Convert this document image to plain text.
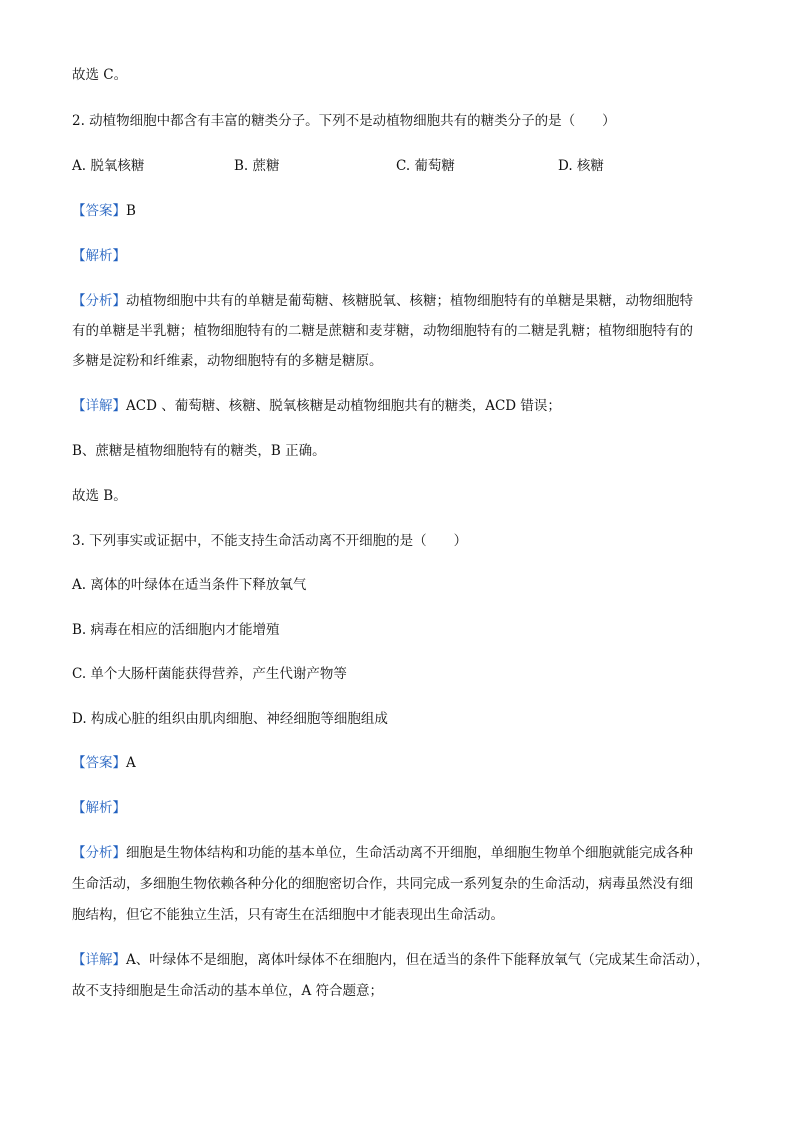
故选 C。
2. 动植物细胞中都含有丰富的糖类分子。下列不是动植物细胞共有的糖类分子的是（　　）
A. 脱氧核糖	B. 蔗糖	C. 葡萄糖	D. 核糖
【答案】B
【解析】
【分析】动植物细胞中共有的单糖是葡萄糖、核糖脱氧、核糖；植物细胞特有的单糖是果糖，动物细胞特
有的单糖是半乳糖；植物细胞特有的二糖是蔗糖和麦芽糖，动物细胞特有的二糖是乳糖；植物细胞特有的
多糖是淀粉和纤维素，动物细胞特有的多糖是糖原。
【详解】ACD 、葡萄糖、核糖、脱氧核糖是动植物细胞共有的糖类，ACD 错误；
B、蔗糖是植物细胞特有的糖类，B 正确。
故选 B。
3. 下列事实或证据中，不能支持生命活动离不开细胞的是（　　）
A. 离体的叶绿体在适当条件下释放氧气
B. 病毒在相应的活细胞内才能增殖
C. 单个大肠杆菌能获得营养，产生代谢产物等
D. 构成心脏的组织由肌肉细胞、神经细胞等细胞组成
【答案】A
【解析】
【分析】细胞是生物体结构和功能的基本单位，生命活动离不开细胞，单细胞生物单个细胞就能完成各种
生命活动，多细胞生物依赖各种分化的细胞密切合作，共同完成一系列复杂的生命活动，病毒虽然没有细
胞结构，但它不能独立生活，只有寄生在活细胞中才能表现出生命活动。
【详解】A、叶绿体不是细胞，离体叶绿体不在细胞内，但在适当的条件下能释放氧气（完成某生命活动），
故不支持细胞是生命活动的基本单位，A 符合题意；
